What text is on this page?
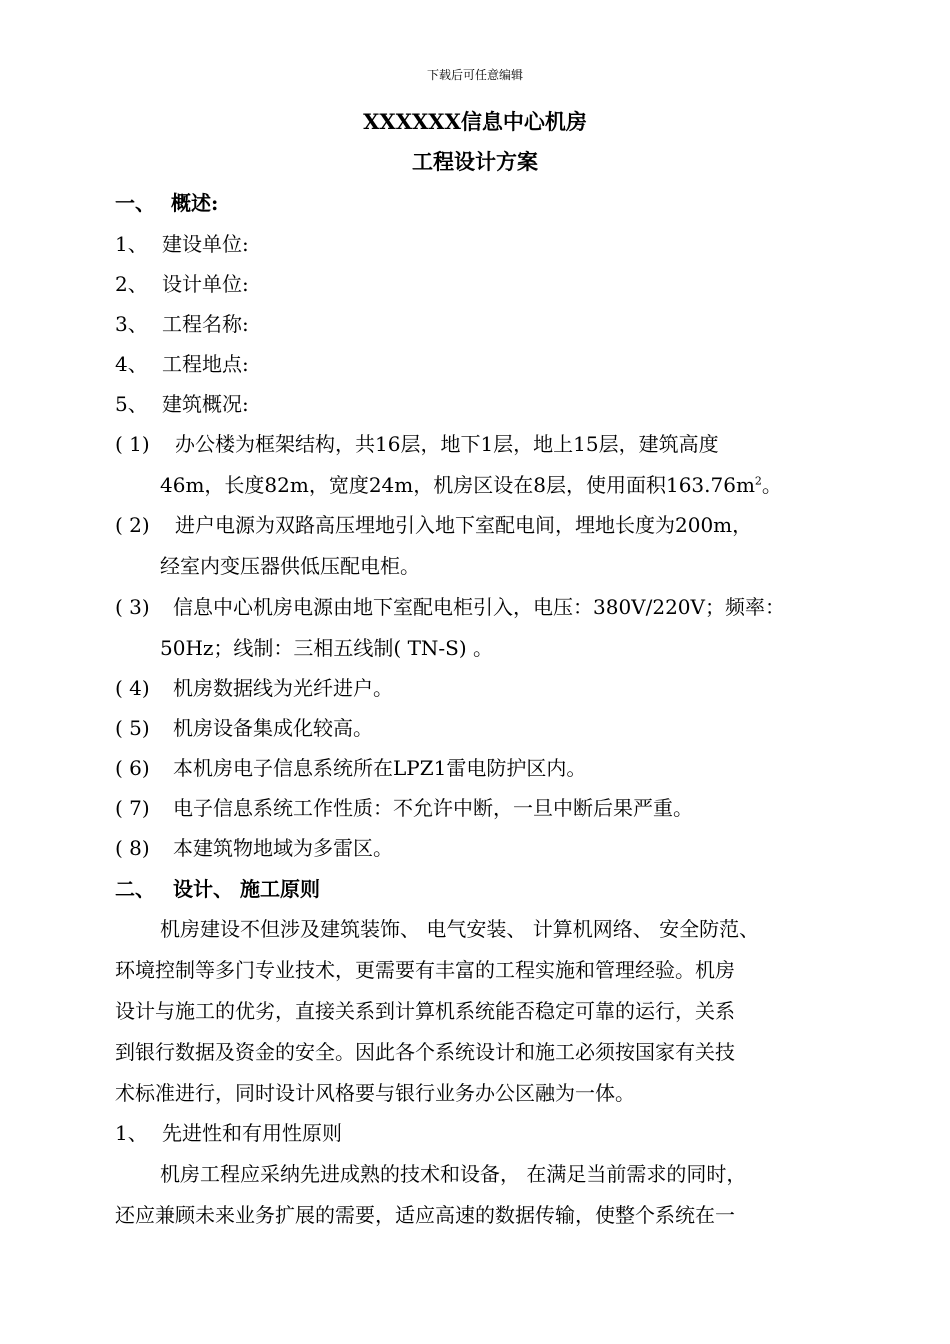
下载后可任意编辑
XXXXXX信息中心机房
工程设计方案
一、 概述:
1、 建设单位:
2、 设计单位:
3、 工程名称:
4、 工程地点:
5、 建筑概况:
( 1) 办公楼为框架结构，共16层，地下1层，地上15层，建筑高度
46m，长度82m，宽度24m，机房区设在8层，使用面积$163.76m^2$。
( 2) 进户电源为双路高压埋地引入地下室配电间，埋地长度为200m，
经室内变压器供低压配电柜。
( 3) 信息中心机房电源由地下室配电柜引入，电压：380V/220V；频率：
50Hz；线制：三相五线制( TN-S) 。
( 4) 机房数据线为光纤进户。
( 5) 机房设备集成化较高。
( 6) 本机房电子信息系统所在LPZ1雷电防护区内。
( 7) 电子信息系统工作性质：不允许中断，一旦中断后果严重。
( 8) 本建筑物地域为多雷区。
二、 设计、 施工原则
机房建设不但涉及建筑装饰、 电气安装、 计算机网络、 安全防范、
环境控制等多门专业技术，更需要有丰富的工程实施和管理经验。机房
设计与施工的优劣，直接关系到计算机系统能否稳定可靠的运行，关系
到银行数据及资金的安全。因此各个系统设计和施工必须按国家有关技
术标准进行，同时设计风格要与银行业务办公区融为一体。
1、 先进性和有用性原则
机房工程应采纳先进成熟的技术和设备， 在满足当前需求的同时，
还应兼顾未来业务扩展的需要，适应高速的数据传输，使整个系统在一
